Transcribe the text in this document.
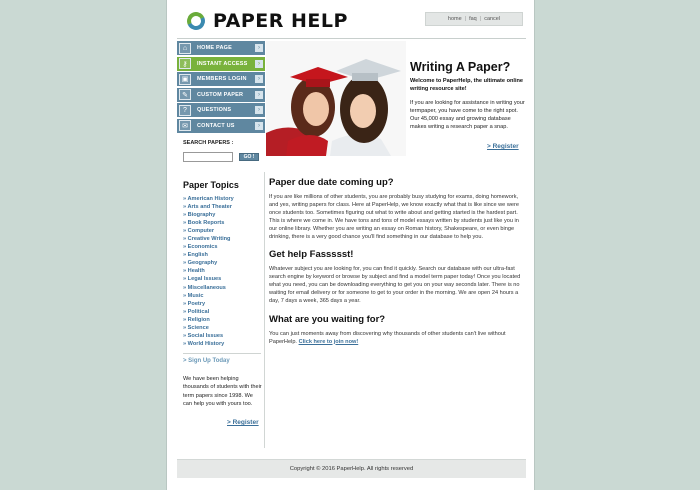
PAPER HELP	home | faq | cancel
⌂	HOME PAGE	›
⚷	INSTANT ACCESS	›
▣	MEMBERS LOGIN	›
✎	CUSTOM PAPER	›
?	QUESTIONS	›
✉	CONTACT US	›
SEARCH PAPERS :
GO !
Writing A Paper?
Welcome to PaperHelp, the ultimate online writing resource site!
If you are looking for assistance in writing your termpaper, you have come to the right spot. Our 45,000 essay and growing database makes writing a research paper a snap.
> Register
Paper Topics
» American History
» Arts and Theater
» Biography
» Book Reports
» Computer
» Creative Writing
» Economics
» English
» Geography
» Health
» Legal Issues
» Miscellaneous
» Music
» Poetry
» Political
» Religion
» Science
» Social Issues
» World History
> Sign Up Today
We have been helping thousands of students with their term papers since 1998. We can help you with yours too.
> Register
Paper due date coming up?

If you are like millions of other students, you are probably busy studying for exams, doing homework, and yes, writing papers for class. Here at PaperHelp, we know exactly what that is like since we were once students too. Sometimes figuring out what to write about and getting started is the hardest part. This is where we come in. We have tons and tons of model essays written by students just like you in our online library. Whether you are writing an essay on Roman history, Shakespeare, or even binge drinking, there is a very good chance you'll find something in our database to help you.

Get help Fassssst!

Whatever subject you are looking for, you can find it quickly. Search our database with our ultra-fast search engine by keyword or browse by subject and find a model term paper today! Once you located what you need, you can be downloading everything to get you on your way seconds later. There is no waiting for email delivery or for someone to get to your order in the morning. We are open 24 hours a day, 7 days a week, 365 days a year.

What are you waiting for?

You can just moments away from discovering why thousands of other students can't live without PaperHelp. Click here to join now!

Copyright © 2016 PaperHelp. All rights reserved
